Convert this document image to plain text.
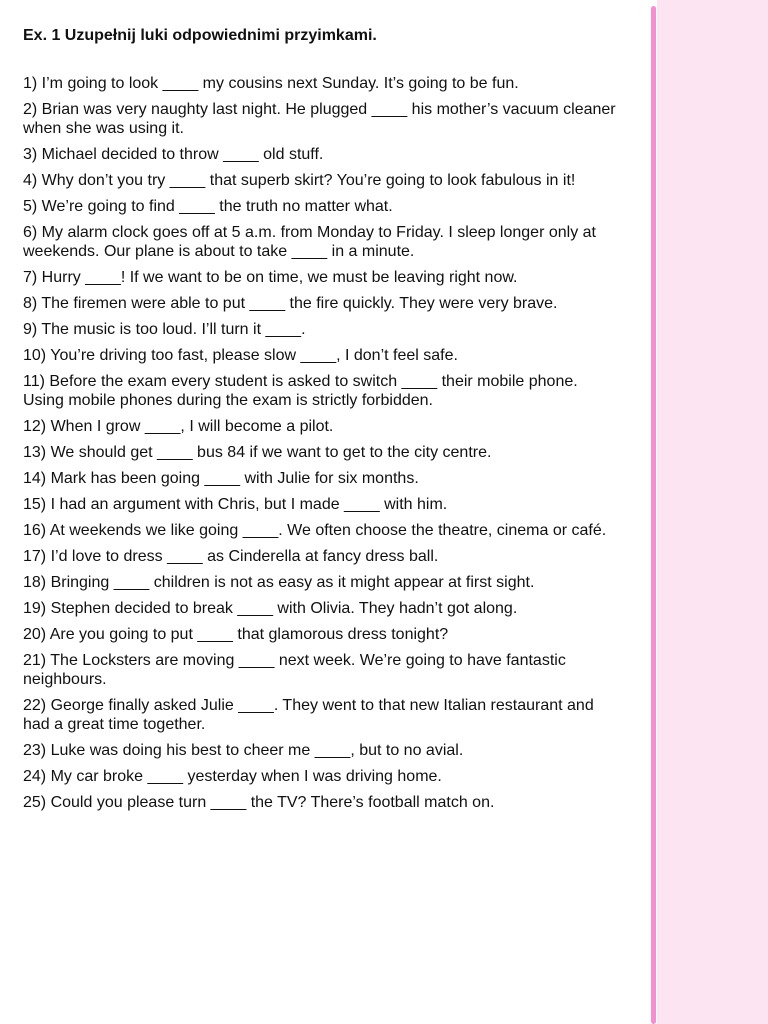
Ex. 1 Uzupełnij luki odpowiednimi przyimkami.
1) I’m going to look ____ my cousins next Sunday. It’s going to be fun.
2) Brian was very naughty last night. He plugged ____ his mother’s vacuum cleaner when she was using it.
3) Michael decided to throw ____ old stuff.
4) Why don’t you try ____ that superb skirt? You’re going to look fabulous in it!
5) We’re going to find ____ the truth no matter what.
6) My alarm clock goes off at 5 a.m. from Monday to Friday. I sleep longer only at weekends. Our plane is about to take ____ in a minute.
7) Hurry ____! If we want to be on time, we must be leaving right now.
8) The firemen were able to put ____ the fire quickly. They were very brave.
9) The music is too loud. I’ll turn it ____.
10) You’re driving too fast, please slow ____, I don’t feel safe.
11) Before the exam every student is asked to switch ____ their mobile phone. Using mobile phones during the exam is strictly forbidden.
12) When I grow ____, I will become a pilot.
13) We should get ____ bus 84 if we want to get to the city centre.
14) Mark has been going ____ with Julie for six months.
15) I had an argument with Chris, but I made ____ with him.
16) At weekends we like going ____. We often choose the theatre, cinema or café.
17) I’d love to dress ____ as Cinderella at fancy dress ball.
18) Bringing ____ children is not as easy as it might appear at first sight.
19) Stephen decided to break ____ with Olivia. They hadn’t got along.
20) Are you going to put ____ that glamorous dress tonight?
21) The Locksters are moving ____ next week. We’re going to have fantastic neighbours.
22) George finally asked Julie ____. They went to that new Italian restaurant and had a great time together.
23) Luke was doing his best to cheer me ____, but to no avial.
24) My car broke ____ yesterday when I was driving home.
25) Could you please turn ____ the TV? There’s football match on.
